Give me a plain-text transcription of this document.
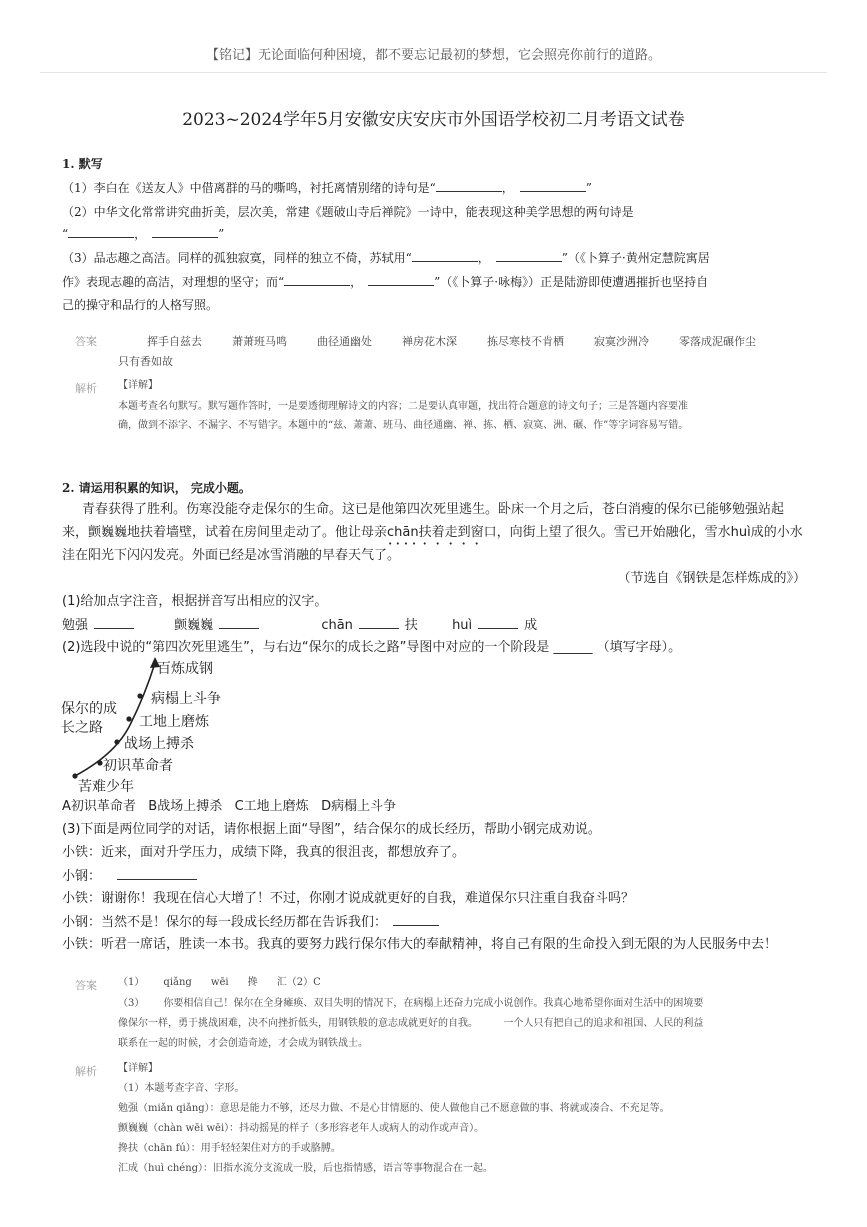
【铭记】无论面临何种困境，都不要忘记最初的梦想，它会照亮你前行的道路。
2023~2024学年5月安徽安庆安庆市外国语学校初二月考语文试卷
1. 默写
（1）李白在《送友人》中借离群的马的嘶鸣，衬托离情别绪的诗句是“	，	”
（2）中华文化常常讲究曲折美，层次美，常建《题破山寺后禅院》一诗中，能表现这种美学思想的两句诗是
“	，	”
（3）品志趣之高洁。同样的孤独寂寞，同样的独立不倚，苏轼用“	，	”（《卜算子·黄州定慧院寓居
作》表现志趣的高洁，对理想的坚守；而“	，	”（《卜算子·咏梅》）正是陆游即使遭遇摧折也坚持自
己的操守和品行的人格写照。
答案	挥手自兹去	萧萧班马鸣	曲径通幽处	禅房花木深	拣尽寒枝不肯栖	寂寞沙洲冷	零落成泥碾作尘
只有香如故
解析 【详解】
本题考查名句默写。默写题作答时，一是要透彻理解诗文的内容；二是要认真审题，找出符合题意的诗文句子；三是答题内容要准
确，做到不添字、不漏字、不写错字。本题中的“兹、萧萧、班马、曲径通幽、禅、拣、栖、寂寞、洲、碾、作”等字词容易写错。
2. 请运用积累的知识， 完成小题。
青春获得了胜利。伤寒没能夺走保尔的生命。这已是他第四次死里逃生。卧床一个月之后，苍白消瘦的保尔已能够勉强站起
来，颤巍巍地扶着墙壁，试着在房间里走动了。他让母亲chān扶着走到窗口，向街上望了很久。雪已开始融化，雪水huì成的小水
洼在阳光下闪闪发亮。外面已经是冰雪消融的早春天气了。
（节选自《钢铁是怎样炼成的》）
(1)给加点字注音，根据拼音写出相应的汉字。
勉强	颤巍巍	chān	扶	huì	成
(2)选段中说的“第四次死里逃生”，与右边“保尔的成长之路”导图中对应的一个阶段是 ______ （填写字母）。
保尔的成
长之路
苦难少年
初识革命者
战场上搏杀
工地上磨炼
病榻上斗争
百炼成钢
A初识革命者   B战场上搏杀   C工地上磨炼   D病榻上斗争
(3)下面是两位同学的对话，请你根据上面“导图”，结合保尔的成长经历，帮助小钢完成劝说。
小铁：近来，面对升学压力，成绩下降，我真的很沮丧，都想放弃了。
小钢：
小铁：谢谢你！我现在信心大增了！不过，你刚才说成就更好的自我，难道保尔只注重自我奋斗吗？
小钢：当然不是！保尔的每一段成长经历都在告诉我们：
小铁：听君一席话，胜读一本书。我真的要努力践行保尔伟大的奉献精神，将自己有限的生命投入到无限的为人民服务中去！
答案 （1）      qiǎng      wēi      搀      汇（2）C
（3）      你要相信自己！保尔在全身瘫痪、双目失明的情况下，在病榻上还奋力完成小说创作。我真心地希望你面对生活中的困境要
像保尔一样，勇于挑战困难，决不向挫折低头，用钢铁般的意志成就更好的自我。        一个人只有把自己的追求和祖国、人民的利益
联系在一起的时候，才会创造奇迹，才会成为钢铁战士。
解析 【详解】
（1）本题考查字音、字形。
勉强（miǎn qiǎng）：意思是能力不够，还尽力做、不是心甘情愿的、使人做他自己不愿意做的事、将就或凑合、不充足等。
颤巍巍（chàn wēi wēi）：抖动摇晃的样子（多形容老年人或病人的动作或声音）。
搀扶（chān fú）：用手轻轻架住对方的手或胳膊。
汇成（huì chéng）：旧指水流分支流成一股，后也指情感，语言等事物混合在一起。
